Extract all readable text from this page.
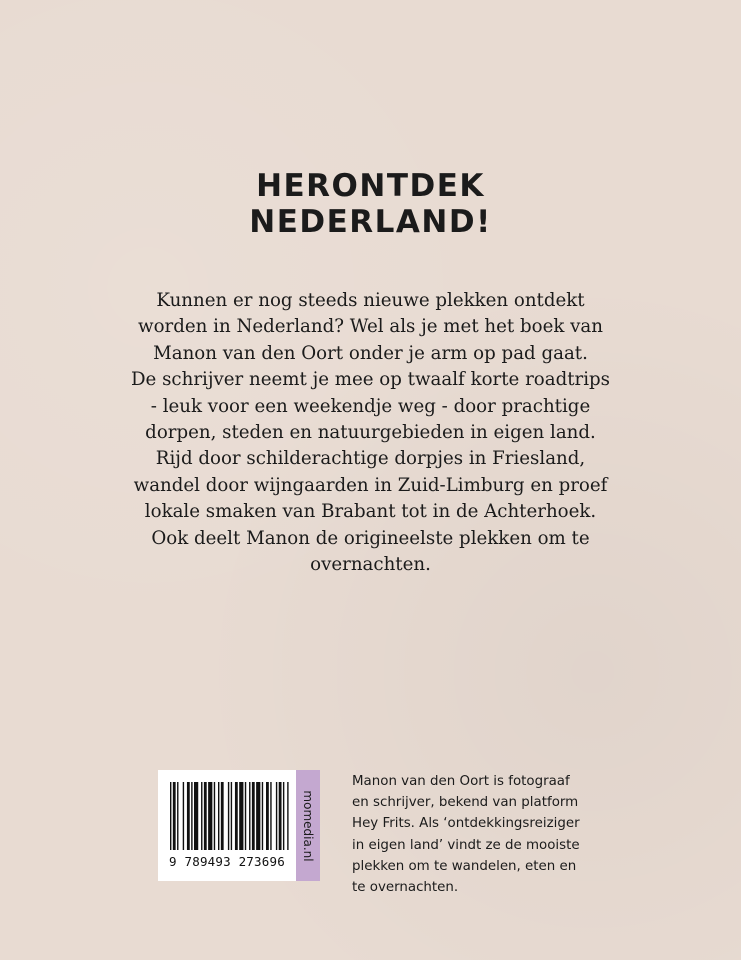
HERONTDEK
NEDERLAND!
Kunnen er nog steeds nieuwe plekken ontdekt
worden in Nederland? Wel als je met het boek van
Manon van den Oort onder je arm op pad gaat.
De schrijver neemt je mee op twaalf korte roadtrips
- leuk voor een weekendje weg - door prachtige
dorpen, steden en natuurgebieden in eigen land.
Rijd door schilderachtige dorpjes in Friesland,
wandel door wijngaarden in Zuid-Limburg en proef
lokale smaken van Brabant tot in de Achterhoek.
Ook deelt Manon de origineelste plekken om te
overnachten.
9 789493 273696
momedia.nl
Manon van den Oort is fotograaf
en schrijver, bekend van platform
Hey Frits. Als ‘ontdekkingsreiziger
in eigen land’ vindt ze de mooiste
plekken om te wandelen, eten en
te overnachten.
